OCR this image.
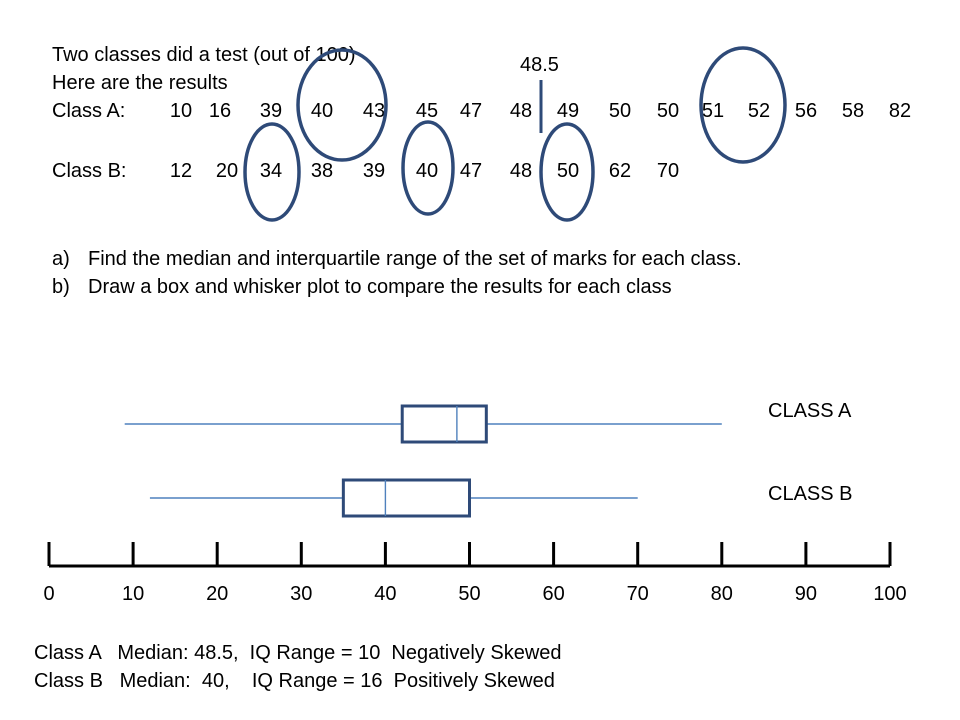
Two classes did a test (out of 100)
Here are the results
48.5
Class A: 10 16 39 40 43 45 47 48 49 50 50 51 52 56 58 82
Class B: 12 20 34 38 39 40 47 48 50 62 70
a) Find the median and interquartile range of the set of marks for each class.
b) Draw a box and whisker plot to compare the results for each class
0	10	20	30	40	50	60	70	80	90	100
CLASS A
CLASS B
Class A   Median: 48.5,  IQ Range = 10  Negatively Skewed
Class B   Median:  40,    IQ Range = 16  Positively Skewed
